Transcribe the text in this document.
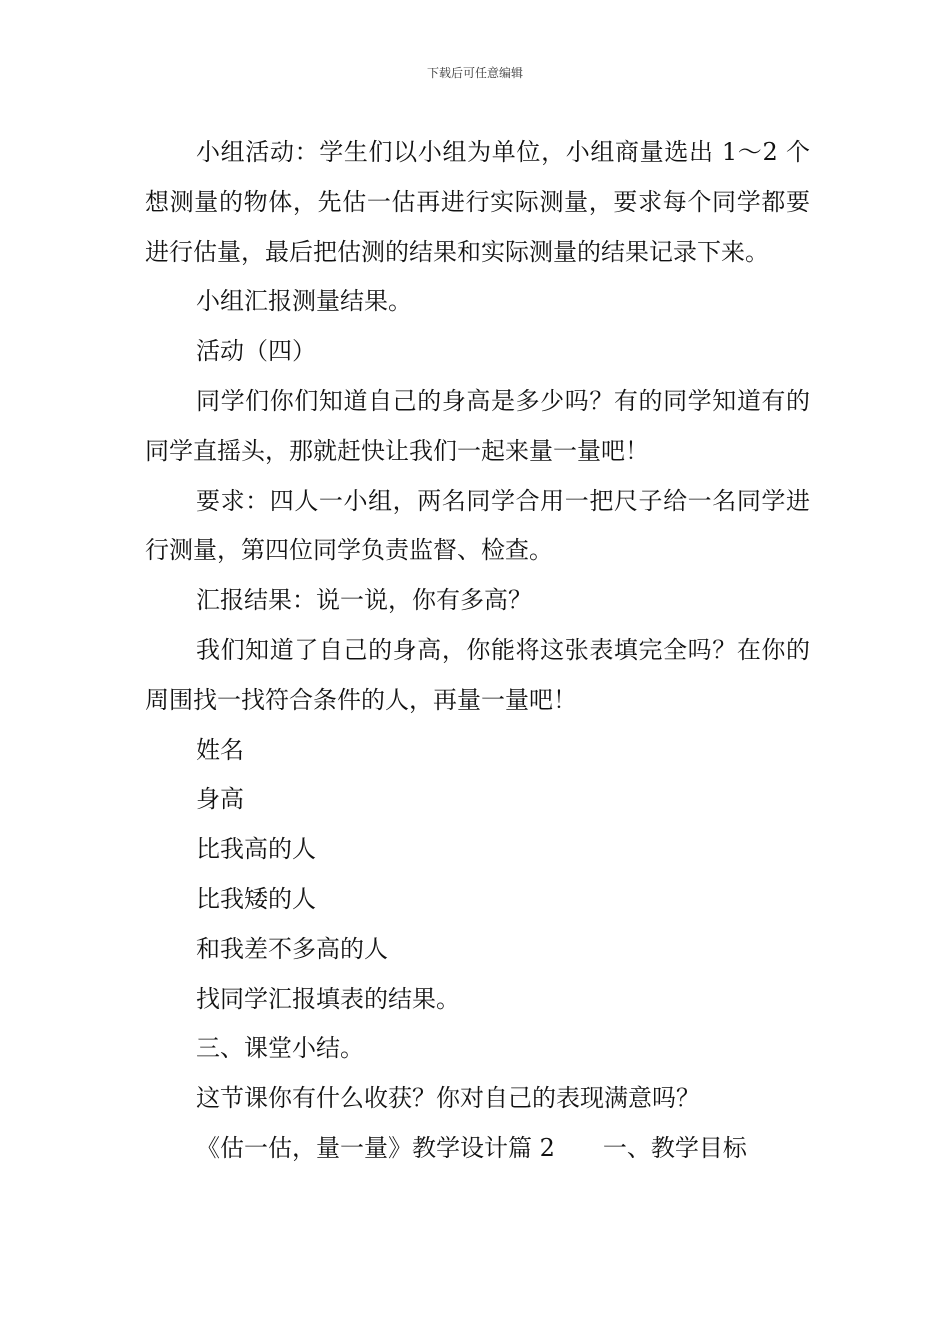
下载后可任意编辑

小组活动：学生们以小组为单位，小组商量选出 1～2 个想测量的物体，先估一估再进行实际测量，要求每个同学都要进行估量，最后把估测的结果和实际测量的结果记录下来。

小组汇报测量结果。

活动（四）

同学们你们知道自己的身高是多少吗？有的同学知道有的同学直摇头，那就赶快让我们一起来量一量吧！

要求：四人一小组，两名同学合用一把尺子给一名同学进行测量，第四位同学负责监督、检查。

汇报结果：说一说，你有多高？

我们知道了自己的身高，你能将这张表填完全吗？在你的周围找一找符合条件的人，再量一量吧！

姓名

身高

比我高的人

比我矮的人

和我差不多高的人

找同学汇报填表的结果。

三、课堂小结。

这节课你有什么收获？你对自己的表现满意吗？

《估一估，量一量》教学设计篇 2　　一、教学目标
